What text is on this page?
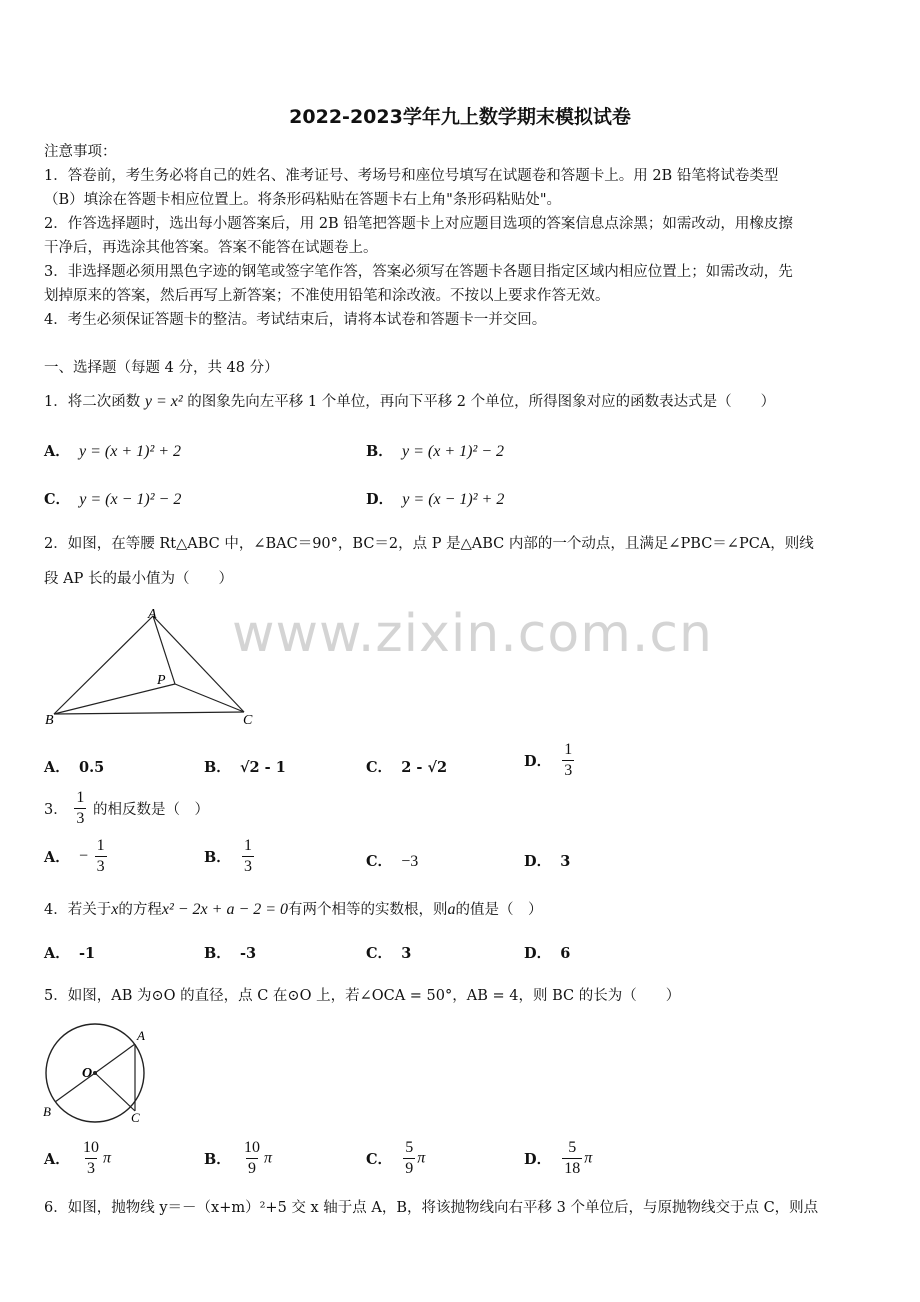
2022-2023学年九上数学期末模拟试卷
注意事项：
1．答卷前，考生务必将自己的姓名、准考证号、考场号和座位号填写在试题卷和答题卡上。用 2B 铅笔将试卷类型
（B）填涂在答题卡相应位置上。将条形码粘贴在答题卡右上角"条形码粘贴处"。
2．作答选择题时，选出每小题答案后，用 2B 铅笔把答题卡上对应题目选项的答案信息点涂黑；如需改动，用橡皮擦
干净后，再选涂其他答案。答案不能答在试题卷上。
3．非选择题必须用黑色字迹的钢笔或签字笔作答，答案必须写在答题卡各题目指定区域内相应位置上；如需改动，先
划掉原来的答案，然后再写上新答案；不准使用铅笔和涂改液。不按以上要求作答无效。
4．考生必须保证答题卡的整洁。考试结束后，请将本试卷和答题卡一并交回。
一、选择题（每题 4 分，共 48 分）
1．将二次函数 y = x² 的图象先向左平移 1 个单位，再向下平移 2 个单位，所得图象对应的函数表达式是（　　）
A． y = (x + 1)² + 2	B． y = (x + 1)² − 2
C． y = (x − 1)² − 2	D． y = (x − 1)² + 2
2．如图，在等腰 Rt△ABC 中，∠BAC＝90°，BC＝2，点 P 是△ABC 内部的一个动点，且满足∠PBC＝∠PCA，则线
段 AP 长的最小值为（　　）
A
P
B	C
www.zixin.com.cn
A． 0.5	B． √2 - 1	C． 2 - √2	D． $\frac{1}{3}$
3． $\frac{1}{3}$ 的相反数是（　）
A． − $\frac{1}{3}$	B． $\frac{1}{3}$	C． −3	D． 3
4．若关于x的方程x² − 2x + a − 2 = 0有两个相等的实数根，则a的值是（　）
A． -1	B． -3	C． 3	D． 6
5．如图，AB 为⊙O 的直径，点 C 在⊙O 上，若∠OCA = 50°，AB = 4，则 BC 的长为（　　）
O
A
B	C
A． $\frac{10}{3}$ π	B． $\frac{10}{9}$ π	C． $\frac{5}{9}$ π	D． $\frac{5}{18}$ π
6．如图，抛物线 y＝－（x+m）²+5 交 x 轴于点 A，B，将该抛物线向右平移 3 个单位后，与原抛物线交于点 C，则点
